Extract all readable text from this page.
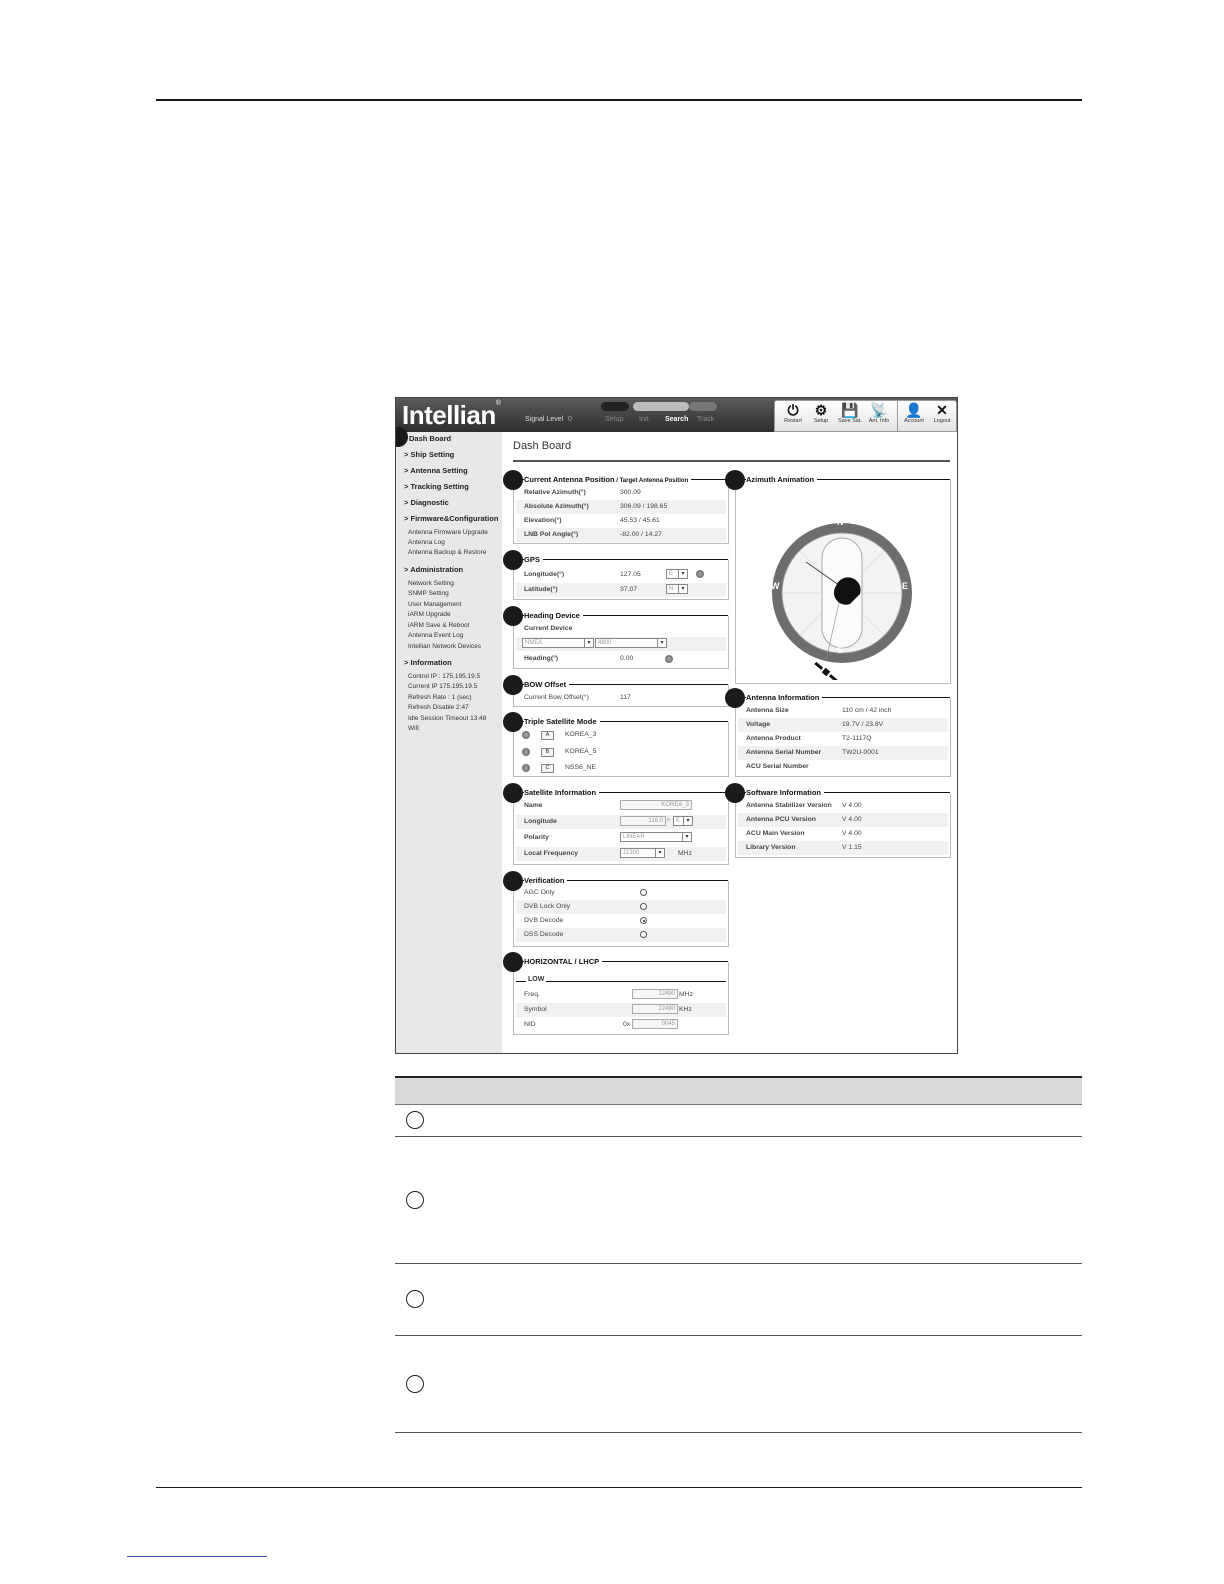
Intellian®
Signal Level 0	Setup Init. Search Track
⏻
Restart
⚙
Setup
💾
Save Sat.
📡
Ant. Info
👤
Account
✕
Logout
Dash Board
> Ship Setting
> Antenna Setting
> Tracking Setting
> Diagnostic
> Firmware&Configuration
Antenna Firmware Upgrade
Antenna Log
Antenna Backup & Restore
> Administration
Network Setting
SNMP Setting
User Management
iARM Upgrade
iARM Save & Reboot
Antenna Event Log
Intellian Network Devices
> Information
Control IP : 175.195.19.5
Current IP 175.195.19.5
Refresh Rate : 1 (sec)
Refresh Disable 2:47
Idle Session Timeout 13:48
Wifi
Dash Board
Current Antenna Position / Target Antenna Position
Relative Azimuth(°)	300.09
Absolute Azimuth(°)	306.09 / 198.65
Elevation(°)	45.53 / 45.61
LNB Pol Angle(°)	-82.00 / 14.27
GPS
Longitude(°)	127.05	E	▾
Latitude(°)	37.07	N	▾
Heading Device
Current Device
NMEA	▾	4800	▾
Heading(°)	0.00
BOW Offset
Current Bow Offset(°)	117
Triple Satellite Mode
A	KOREA_3
B	KOREA_5
C	NSS6_NE
Satellite Information
Name	KOREA_3
Longitude	116.0 °	E	▾
Polarity	LINEAR	▾
Local Frequency	11300	▾	MHz
Verification
AGC Only
DVB Lock Only
DVB Decode
DSS Decode
HORIZONTAL / LHCP
LOW
Freq.	12490 MHz
Symbol	22490 KHz
NID	0x	0045
Azimuth Animation
N
S
E
W
Antenna Information
Antenna Size	110 cm / 42 inch
Voltage	19.7V / 23.8V
Antenna Product	T2-1117Q
Antenna Serial Number	TW2U-0001
ACU Serial Number
Software Information
Antenna Stabilizer Version V 4.00
Antenna PCU Version	V 4.00
ACU Main Version	V 4.00
Library Version	V 1.15
